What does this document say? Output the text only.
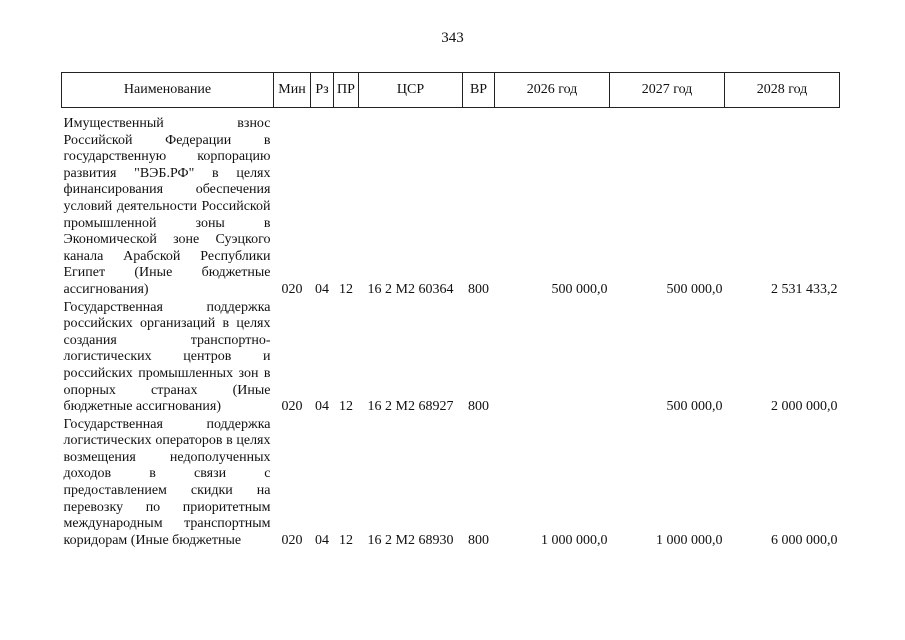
343
Наименование	Мин	Рз	ПР	ЦСР	ВР	2026 год	2027 год	2028 год
Имущественный взнос Российской Федерации в государственную корпорацию развития "ВЭБ.РФ" в целях финансирования обеспечения условий деятельности Российской промышленной зоны в Экономической зоне Суэцкого канала Арабской Республики Египет (Иные бюджетные ассигнования)	020	04	12	16 2 М2 60364	800	500 000,0	500 000,0	2 531 433,2
Государственная поддержка российских организаций в целях создания транспортно-логистических центров и российских промышленных зон в опорных странах (Иные бюджетные ассигнования)	020	04	12	16 2 М2 68927	800		500 000,0	2 000 000,0
Государственная поддержка логистических операторов в целях возмещения недополученных доходов в связи с предоставлением скидки на перевозку по приоритетным международным транспортным коридорам (Иные бюджетные	020	04	12	16 2 М2 68930	800	1 000 000,0	1 000 000,0	6 000 000,0
